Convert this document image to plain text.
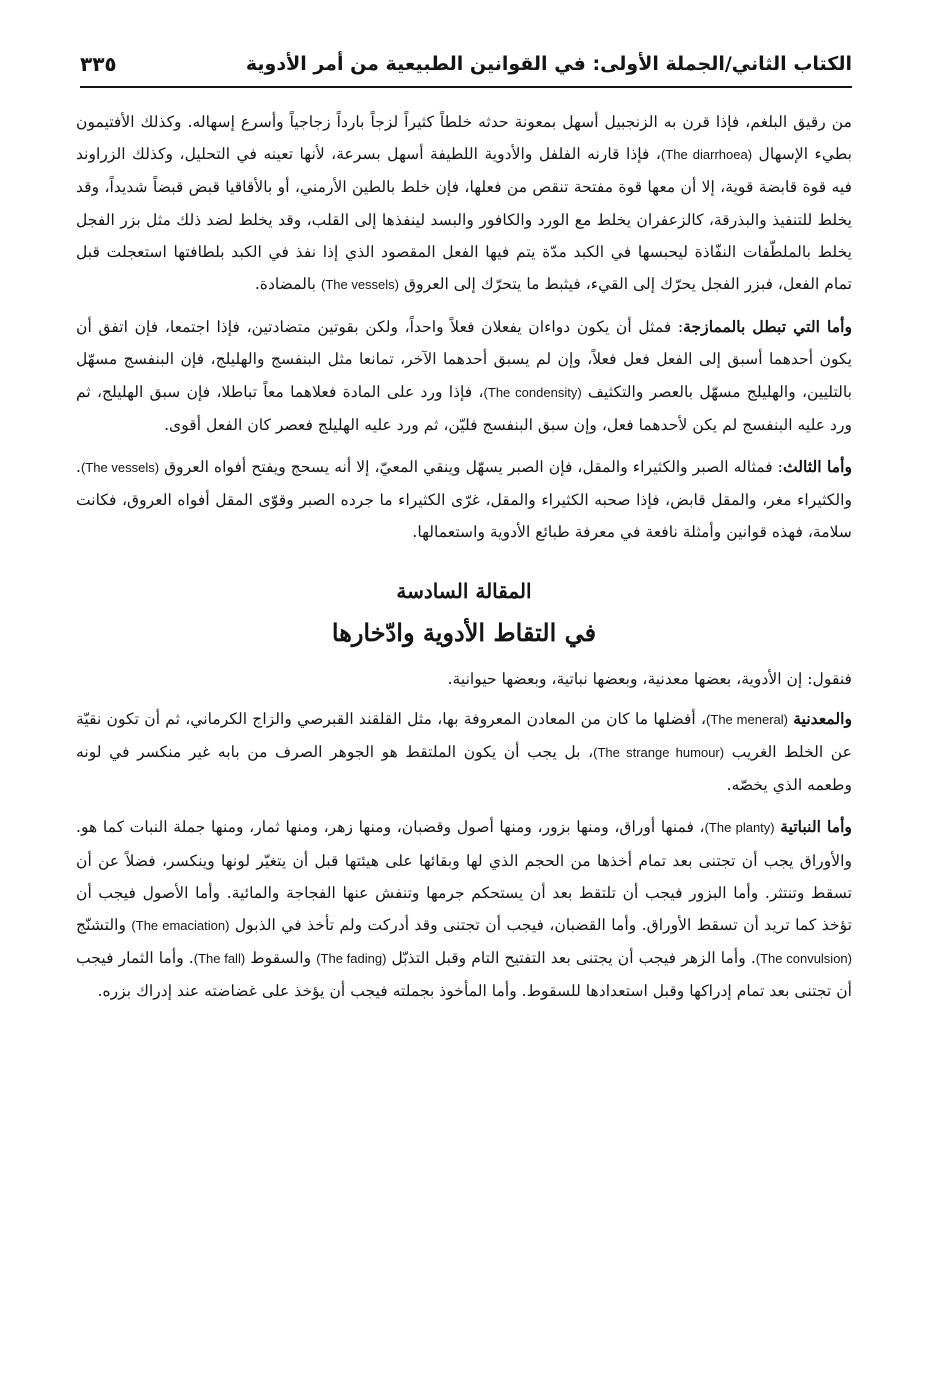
٣٣٥	الكتاب الثاني/الجملة الأولى: في القوانين الطبيعية من أمر الأدوية

من رقيق البلغم، فإذا قرن به الزنجبيل أسهل بمعونة حدثه خلطاً كثيراً لزجاً بارداً زجاجياً وأسرع إسهاله. وكذلك الأفتيمون بطيء الإسهال (The diarrhoea)، فإذا قارنه الفلفل والأدوية اللطيفة أسهل بسرعة، لأنها تعينه في التحليل، وكذلك الزراوند فيه قوة قابضة قوية، إلا أن معها قوة مفتحة تنقص من فعلها، فإن خلط بالطين الأرمني، أو بالأقاقيا قبض قبضاً شديداً، وقد يخلط للتنفيذ والبذرقة، كالزعفران يخلط مع الورد والكافور والبسد لينفذها إلى القلب، وقد يخلط لضد ذلك مثل بزر الفجل يخلط بالملطّفات النفّاذة ليحبسها في الكبد مدّة يتم فيها الفعل المقصود الذي إذا نفذ في الكبد بلطافتها استعجلت قبل تمام الفعل، فبزر الفجل يحرّك إلى القيء، فيثبط ما يتحرّك إلى العروق (The vessels) بالمضادة.

وأما التي تبطل بالممازجة: فمثل أن يكون دواءان يفعلان فعلاً واحداً، ولكن بقوتين متضادتين، فإذا اجتمعا، فإن اتفق أن يكون أحدهما أسبق إلى الفعل فعل فعلاً، وإن لم يسبق أحدهما الآخر، تمانعا مثل البنفسج والهليلج، فإن البنفسج مسهّل بالتليين، والهليلج مسهّل بالعصر والتكثيف (The condensity)، فإذا ورد على المادة فعلاهما معاً تباطلا، فإن سبق الهليلج، ثم ورد عليه البنفسج لم يكن لأحدهما فعل، وإن سبق البنفسج فليّن، ثم ورد عليه الهليلج فعصر كان الفعل أقوى.

وأما الثالث: فمثاله الصبر والكثيراء والمقل، فإن الصبر يسهّل وينقي المعيّ، إلا أنه يسحج ويفتح أفواه العروق (The vessels). والكثيراء مغر، والمقل قابض، فإذا صحبه الكثيراء والمقل، غرّى الكثيراء ما جرده الصبر وقوّى المقل أفواه العروق، فكانت سلامة، فهذه قوانين وأمثلة نافعة في معرفة طبائع الأدوية واستعمالها.

المقالة السادسة
في التقاط الأدوية وادّخارها

فنقول: إن الأدوية، بعضها معدنية، وبعضها نباتية، وبعضها حيوانية.

والمعدنية (The meneral)، أفضلها ما كان من المعادن المعروفة بها، مثل القلقند القبرصي والزاج الكرماني، ثم أن تكون نقيّة عن الخلط الغريب (The strange humour)، بل يجب أن يكون الملتقط هو الجوهر الصرف من بابه غير منكسر في لونه وطعمه الذي يخصّه.

وأما النباتية (The planty)، فمنها أوراق، ومنها بزور، ومنها أصول وقضبان، ومنها زهر، ومنها ثمار، ومنها جملة النبات كما هو. والأوراق يجب أن تجتنى بعد تمام أخذها من الحجم الذي لها وبقائها على هيئتها قبل أن يتغيّر لونها وينكسر، فضلاً عن أن تسقط وتنتثر. وأما البزور فيجب أن تلتقط بعد أن يستحكم جرمها وتنفش عنها الفجاجة والمائية. وأما الأصول فيجب أن تؤخذ كما تريد أن تسقط الأوراق. وأما القضبان، فيجب أن تجتنى وقد أدركت ولم تأخذ في الذبول (The emaciation) والتشنّج (The convulsion). وأما الزهر فيجب أن يجتنى بعد التفتيح التام وقبل التذبّل (The fading) والسقوط (The fall). وأما الثمار فيجب أن تجتنى بعد تمام إدراكها وقبل استعدادها للسقوط. وأما المأخوذ بجملته فيجب أن يؤخذ على غضاضته عند إدراك بزره.
